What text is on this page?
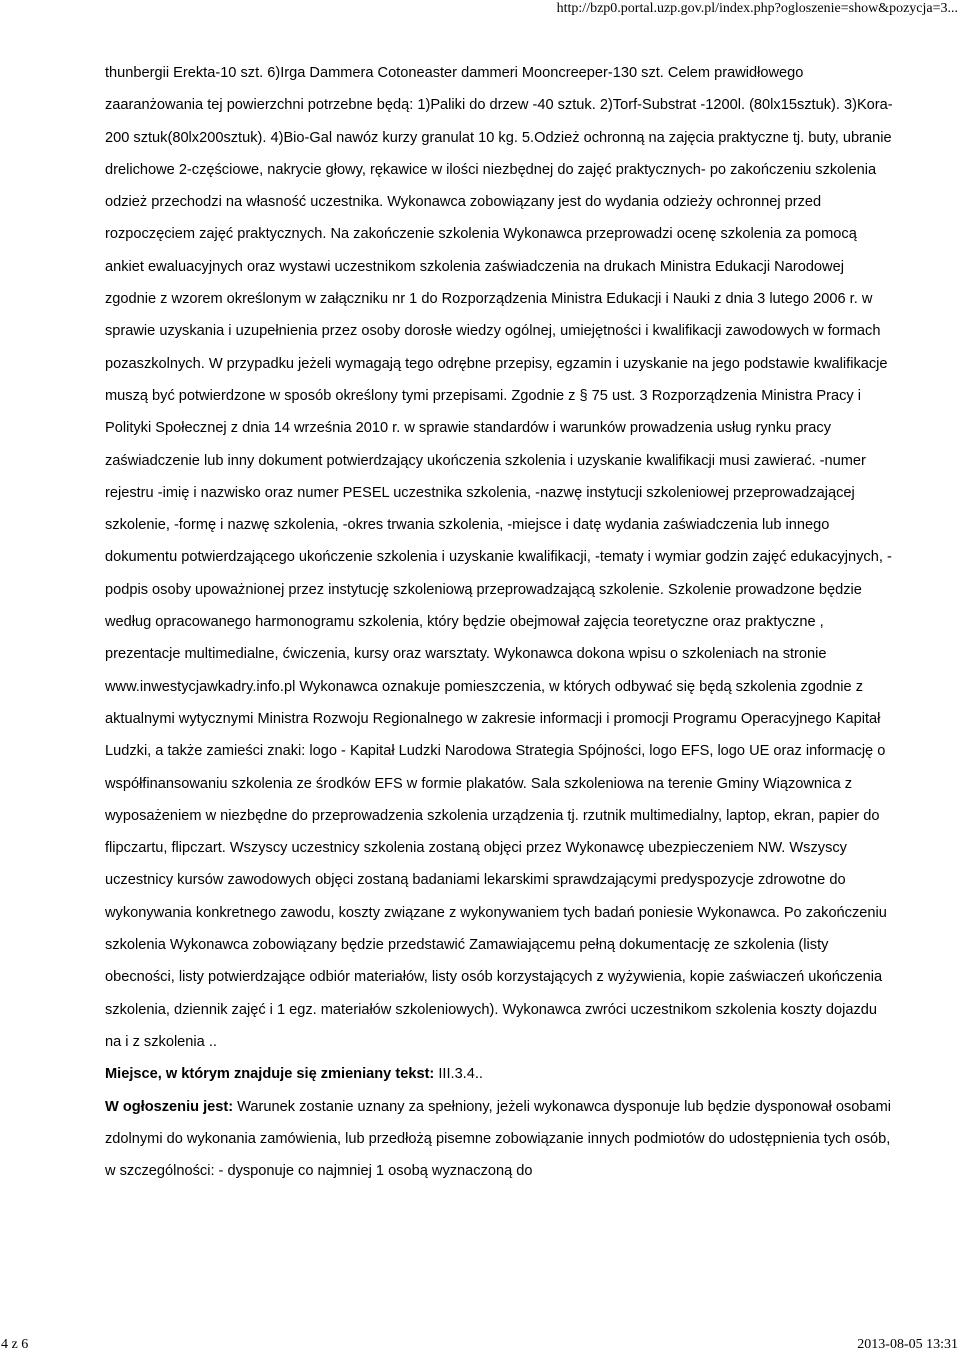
http://bzp0.portal.uzp.gov.pl/index.php?ogloszenie=show&pozycja=3...

thunbergii Erekta-10 szt. 6)Irga Dammera Cotoneaster dammeri Mooncreeper-130 szt. Celem prawidłowego zaaranżowania tej powierzchni potrzebne będą: 1)Paliki do drzew -40 sztuk. 2)Torf-Substrat -1200l. (80lx15sztuk). 3)Kora-200 sztuk(80lx200sztuk). 4)Bio-Gal nawóz kurzy granulat 10 kg. 5.Odzież ochronną na zajęcia praktyczne tj. buty, ubranie drelichowe 2-częściowe, nakrycie głowy, rękawice w ilości niezbędnej do zajęć praktycznych- po zakończeniu szkolenia odzież przechodzi na własność uczestnika. Wykonawca zobowiązany jest do wydania odzieży ochronnej przed rozpoczęciem zajęć praktycznych. Na zakończenie szkolenia Wykonawca przeprowadzi ocenę szkolenia za pomocą ankiet ewaluacyjnych oraz wystawi uczestnikom szkolenia zaświadczenia na drukach Ministra Edukacji Narodowej zgodnie z wzorem określonym w załączniku nr 1 do Rozporządzenia Ministra Edukacji i Nauki z dnia 3 lutego 2006 r. w sprawie uzyskania i uzupełnienia przez osoby dorosłe wiedzy ogólnej, umiejętności i kwalifikacji zawodowych w formach pozaszkolnych. W przypadku jeżeli wymagają tego odrębne przepisy, egzamin i uzyskanie na jego podstawie kwalifikacje muszą być potwierdzone w sposób określony tymi przepisami. Zgodnie z § 75 ust. 3 Rozporządzenia Ministra Pracy i Polityki Społecznej z dnia 14 września 2010 r. w sprawie standardów i warunków prowadzenia usług rynku pracy zaświadczenie lub inny dokument potwierdzający ukończenia szkolenia i uzyskanie kwalifikacji musi zawierać. -numer rejestru -imię i nazwisko oraz numer PESEL uczestnika szkolenia, -nazwę instytucji szkoleniowej przeprowadzającej szkolenie, -formę i nazwę szkolenia, -okres trwania szkolenia, -miejsce i datę wydania zaświadczenia lub innego dokumentu potwierdzającego ukończenie szkolenia i uzyskanie kwalifikacji, -tematy i wymiar godzin zajęć edukacyjnych, -podpis osoby upoważnionej przez instytucję szkoleniową przeprowadzającą szkolenie. Szkolenie prowadzone będzie według opracowanego harmonogramu szkolenia, który będzie obejmował zajęcia teoretyczne oraz praktyczne , prezentacje multimedialne, ćwiczenia, kursy oraz warsztaty. Wykonawca dokona wpisu o szkoleniach na stronie www.inwestycjawkadry.info.pl Wykonawca oznakuje pomieszczenia, w których odbywać się będą szkolenia zgodnie z aktualnymi wytycznymi Ministra Rozwoju Regionalnego w zakresie informacji i promocji Programu Operacyjnego Kapitał Ludzki, a także zamieści znaki: logo - Kapitał Ludzki Narodowa Strategia Spójności, logo EFS, logo UE oraz informację o współfinansowaniu szkolenia ze środków EFS w formie plakatów. Sala szkoleniowa na terenie Gminy Wiązownica z wyposażeniem w niezbędne do przeprowadzenia szkolenia urządzenia tj. rzutnik multimedialny, laptop, ekran, papier do flipczartu, flipczart. Wszyscy uczestnicy szkolenia zostaną objęci przez Wykonawcę ubezpieczeniem NW. Wszyscy uczestnicy kursów zawodowych objęci zostaną badaniami lekarskimi sprawdzającymi predyspozycje zdrowotne do wykonywania konkretnego zawodu, koszty związane z wykonywaniem tych badań poniesie Wykonawca. Po zakończeniu szkolenia Wykonawca zobowiązany będzie przedstawić Zamawiającemu pełną dokumentację ze szkolenia (listy obecności, listy potwierdzające odbiór materiałów, listy osób korzystających z wyżywienia, kopie zaświaczeń ukończenia szkolenia, dziennik zajęć i 1 egz. materiałów szkoleniowych). Wykonawca zwróci uczestnikom szkolenia koszty dojazdu na i z szkolenia ..

Miejsce, w którym znajduje się zmieniany tekst: III.3.4..

W ogłoszeniu jest: Warunek zostanie uznany za spełniony, jeżeli wykonawca dysponuje lub będzie dysponował osobami zdolnymi do wykonania zamówienia, lub przedłożą pisemne zobowiązanie innych podmiotów do udostępnienia tych osób, w szczególności: - dysponuje co najmniej 1 osobą wyznaczoną do

4 z 6	2013-08-05 13:31
